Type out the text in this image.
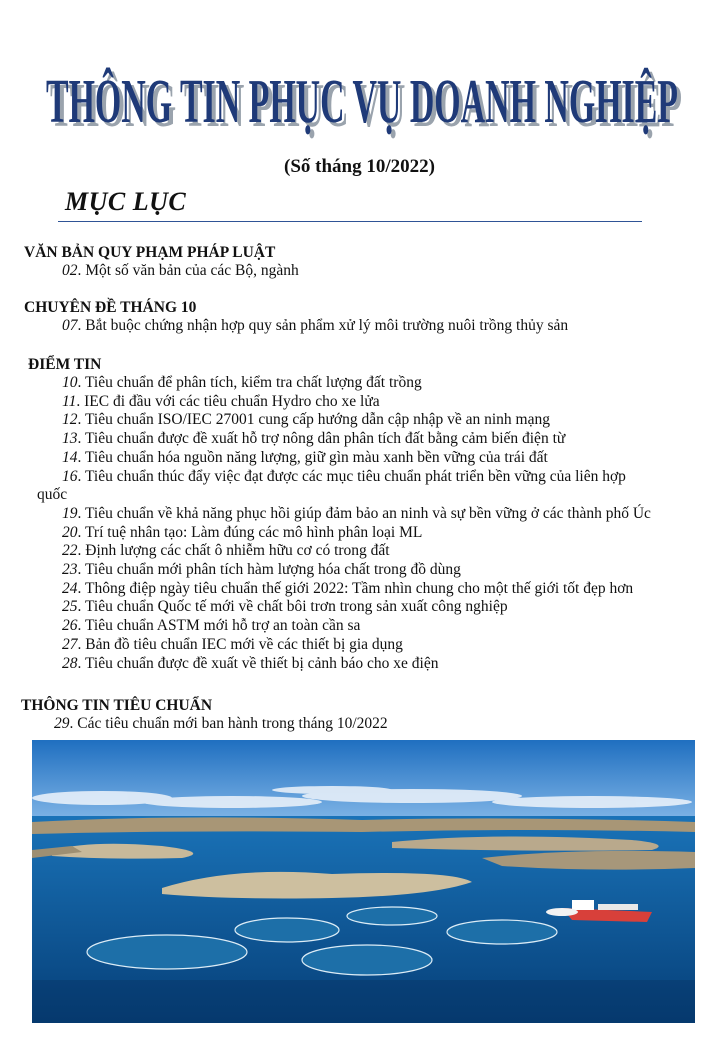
THÔNG TIN PHỤC VỤ DOANH NGHIỆP
THÔNG TIN PHỤC VỤ DOANH NGHIỆP
(Số tháng 10/2022)
MỤC LỤC
VĂN BẢN QUY PHẠM PHÁP LUẬT
02. Một số văn bản của các Bộ, ngành
CHUYÊN ĐỀ THÁNG 10
07. Bắt buộc chứng nhận hợp quy sản phẩm xử lý môi trường nuôi trồng thủy sản
ĐIỂM TIN
10. Tiêu chuẩn để phân tích, kiểm tra chất lượng đất trồng
11. IEC đi đầu với các tiêu chuẩn Hydro cho xe lửa
12. Tiêu chuẩn ISO/IEC 27001 cung cấp hướng dẫn cập nhập về an ninh mạng
13. Tiêu chuẩn được đề xuất hỗ trợ nông dân phân tích đất bằng cảm biến điện từ
14. Tiêu chuẩn hóa nguồn năng lượng, giữ gìn màu xanh bền vững của trái đất
16. Tiêu chuẩn thúc đẩy việc đạt được các mục tiêu chuẩn phát triển bền vững của liên hợp
quốc
19. Tiêu chuẩn về khả năng phục hồi giúp đảm bảo an ninh và sự bền vững ở các thành phố Úc
20. Trí tuệ nhân tạo: Làm đúng các mô hình phân loại ML
22. Định lượng các chất ô nhiễm hữu cơ có trong đất
23. Tiêu chuẩn mới phân tích hàm lượng hóa chất trong đồ dùng
24. Thông điệp ngày tiêu chuẩn thế giới 2022: Tầm nhìn chung cho một thế giới tốt đẹp hơn
25. Tiêu chuẩn Quốc tế mới về chất bôi trơn trong sản xuất công nghiệp
26. Tiêu chuẩn ASTM mới hỗ trợ an toàn cần sa
27. Bản đồ tiêu chuẩn IEC mới về các thiết bị gia dụng
28. Tiêu chuẩn được đề xuất về thiết bị cảnh báo cho xe điện
THÔNG TIN TIÊU CHUẨN
29. Các tiêu chuẩn mới ban hành trong tháng 10/2022
